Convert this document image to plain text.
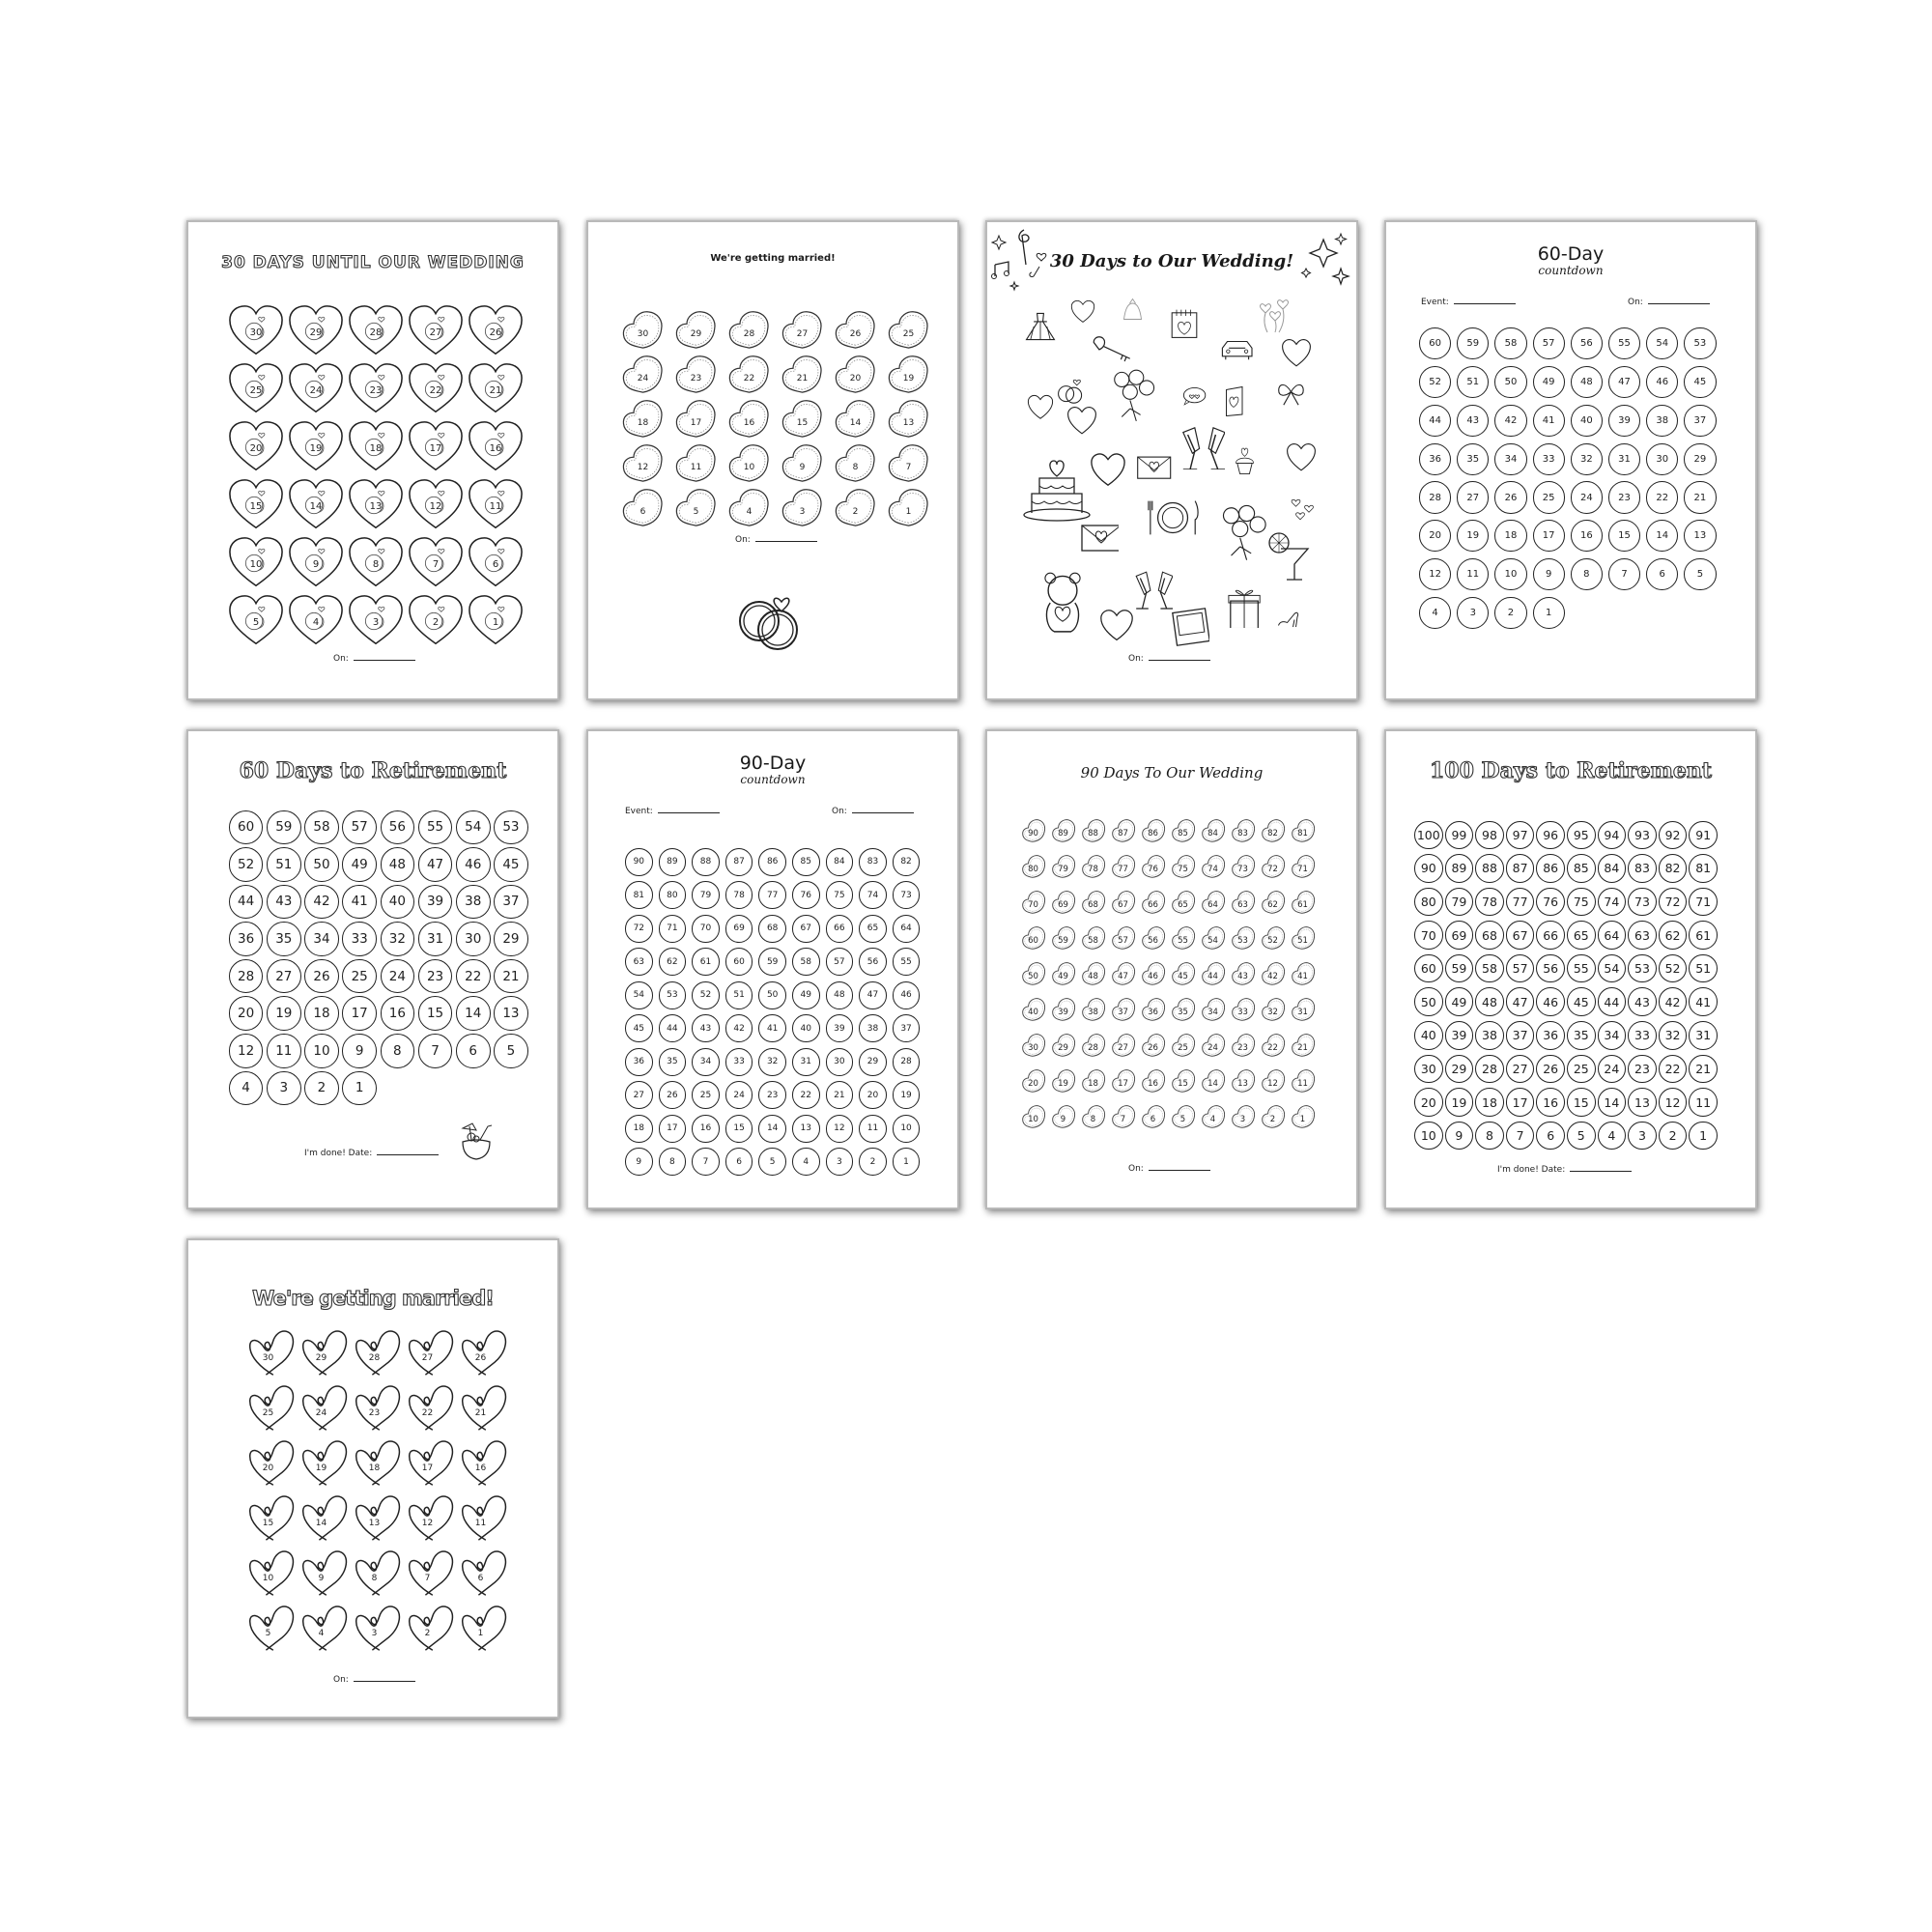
30 DAYS UNTIL OUR WEDDING
30	29	28	27	26
25	24	23	22	21
20	19	18	17	16
15	14	13	12	11
10	9	8	7	6
5	4	3	2	1
On:
We're getting married!
30	29	28	27	26	25
24	23	22	21	20	19
18	17	16	15	14	13
12	11	10	9	8	7
6	5	4	3	2	1
On:
30 Days to Our Wedding!
On:
60-Day
countdown
Event:	On:
60	59	58	57	56	55	54	53
52	51	50	49	48	47	46	45
44	43	42	41	40	39	38	37
36	35	34	33	32	31	30	29
28	27	26	25	24	23	22	21
20	19	18	17	16	15	14	13
12	11	10	9	8	7	6	5
4	3	2	1
60 Days to Retirement
60 59 58 57 56 55 54 53
52 51 50 49 48 47 46 45
44 43 42 41 40 39 38 37
36 35 34 33 32 31 30 29
28 27 26 25 24 23 22 21
20 19 18 17 16 15 14 13
12 11 10 9 8 7 6 5
4 3 2 1
I'm done! Date:
90-Day
countdown
Event:	On:
90	89	88	87	86	85	84	83	82
81	80	79	78	77	76	75	74	73
72	71	70	69	68	67	66	65	64
63	62	61	60	59	58	57	56	55
54	53	52	51	50	49	48	47	46
45	44	43	42	41	40	39	38	37
36	35	34	33	32	31	30	29	28
27	26	25	24	23	22	21	20	19
18	17	16	15	14	13	12	11	10
9	8	7	6	5	4	3	2	1
90 Days To Our Wedding
90 89 88 87 86 85 84 83 82 81
80 79 78 77 76 75 74 73 72 71
70 69 68 67 66 65 64 63 62 61
60 59 58 57 56 55 54 53 52 51
50 49 48 47 46 45 44 43 42 41
40 39 38 37 36 35 34 33 32 31
30 29 28 27 26 25 24 23 22 21
20 19 18 17 16 15 14 13 12 11
10	9	8	7	6	5	4	3	2	1
On:
100 Days to Retirement
100 99 98 97 96 95 94 93 92 91
90 89 88 87 86 85 84 83 82 81
80 79 78 77 76 75 74 73 72 71
70 69 68 67 66 65 64 63 62 61
60 59 58 57 56 55 54 53 52 51
50 49 48 47 46 45 44 43 42 41
40 39 38 37 36 35 34 33 32 31
30 29 28 27 26 25 24 23 22 21
20 19 18 17 16 15 14 13 12 11
10 9 8 7 6 5 4 3 2 1
I'm done! Date:
We're getting married!
30	29	28	27	26
25	24	23	22	21
20	19	18	17	16
15	14	13	12	11
10	9	8	7	6
5	4	3	2	1
On:
